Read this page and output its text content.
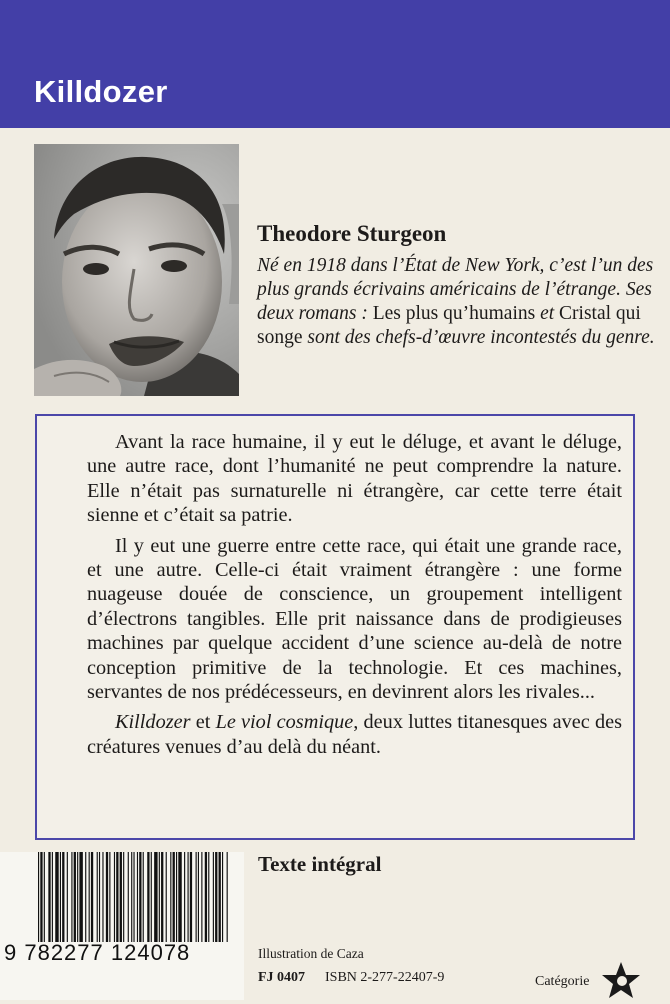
Killdozer
Theodore Sturgeon

Né en 1918 dans l’État de New York, c’est l’un des plus grands écrivains américains de l’étrange. Ses deux romans : Les plus qu’humains et Cristal qui songe sont des chefs-d’œuvre incontestés du genre.

Avant la race humaine, il y eut le déluge, et avant le déluge, une autre race, dont l’humanité ne peut comprendre la nature. Elle n’était pas surnaturelle ni étrangère, car cette terre était sienne et c’était sa patrie.

Il y eut une guerre entre cette race, qui était une grande race, et une autre. Celle-ci était vraiment étrangère : une forme nuageuse douée de conscience, un groupement intelligent d’électrons tangibles. Elle prit naissance dans de prodigieuses machines par quelque accident d’une science au-delà de notre conception primitive de la technologie. Et ces machines, servantes de nos prédécesseurs, en devinrent alors les rivales...

Killdozer et Le viol cosmique, deux luttes titanesques avec des créatures venues d’au delà du néant.

9 782277 124078
Texte intégral
Illustration de Caza
FJ 0407 ISBN 2-277-22407-9	Catégorie
